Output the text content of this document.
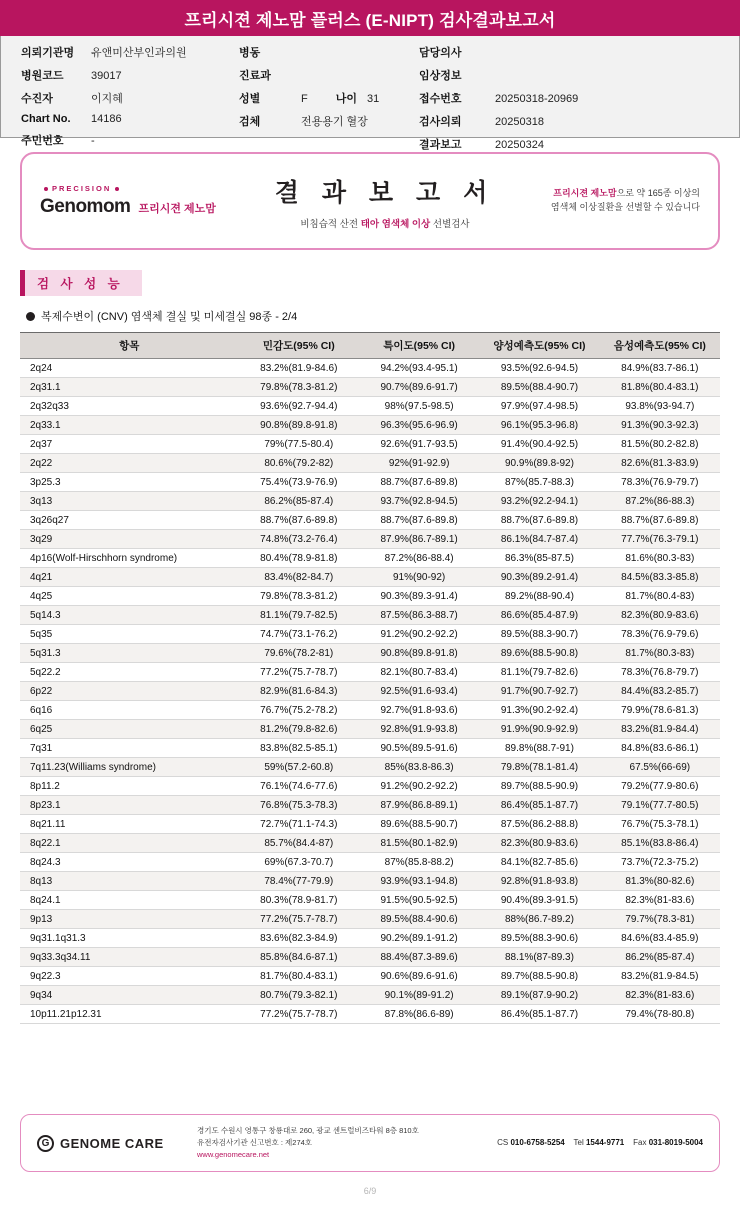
프리시젼 제노맘 플러스 (E-NIPT) 검사결과보고서
의뢰기관명	유앤미산부인과의원
병원코드	39017
수진자	이지혜
Chart No.	14186
주민번호	-
병동
진료과
성별	F	나이 31
검체	전용용기 혈장
담당의사
임상정보
접수번호	20250318-20969
검사의뢰	20250318
결과보고	20250324
PRECISION
Genomom 프리시젼 제노맘
결 과 보 고 서
비침습적 산전 태아 염색체 이상 선별검사
프리시젼 제노맘으로 약 165종 이상의
염색체 이상질환을 선별할 수 있습니다
검 사 성 능
복제수변이 (CNV) 염색체 결실 및 미세결실 98종 - 2/4
항목	민감도(95% CI)	특이도(95% CI)	양성예측도(95% CI)	음성예측도(95% CI)
2q24	83.2%(81.9-84.6)	94.2%(93.4-95.1)	93.5%(92.6-94.5)	84.9%(83.7-86.1)
2q31.1	79.8%(78.3-81.2)	90.7%(89.6-91.7)	89.5%(88.4-90.7)	81.8%(80.4-83.1)
2q32q33	93.6%(92.7-94.4)	98%(97.5-98.5)	97.9%(97.4-98.5)	93.8%(93-94.7)
2q33.1	90.8%(89.8-91.8)	96.3%(95.6-96.9)	96.1%(95.3-96.8)	91.3%(90.3-92.3)
2q37	79%(77.5-80.4)	92.6%(91.7-93.5)	91.4%(90.4-92.5)	81.5%(80.2-82.8)
2q22	80.6%(79.2-82)	92%(91-92.9)	90.9%(89.8-92)	82.6%(81.3-83.9)
3p25.3	75.4%(73.9-76.9)	88.7%(87.6-89.8)	87%(85.7-88.3)	78.3%(76.9-79.7)
3q13	86.2%(85-87.4)	93.7%(92.8-94.5)	93.2%(92.2-94.1)	87.2%(86-88.3)
3q26q27	88.7%(87.6-89.8)	88.7%(87.6-89.8)	88.7%(87.6-89.8)	88.7%(87.6-89.8)
3q29	74.8%(73.2-76.4)	87.9%(86.7-89.1)	86.1%(84.7-87.4)	77.7%(76.3-79.1)
4p16(Wolf-Hirschhorn syndrome)	80.4%(78.9-81.8)	87.2%(86-88.4)	86.3%(85-87.5)	81.6%(80.3-83)
4q21	83.4%(82-84.7)	91%(90-92)	90.3%(89.2-91.4)	84.5%(83.3-85.8)
4q25	79.8%(78.3-81.2)	90.3%(89.3-91.4)	89.2%(88-90.4)	81.7%(80.4-83)
5q14.3	81.1%(79.7-82.5)	87.5%(86.3-88.7)	86.6%(85.4-87.9)	82.3%(80.9-83.6)
5q35	74.7%(73.1-76.2)	91.2%(90.2-92.2)	89.5%(88.3-90.7)	78.3%(76.9-79.6)
5q31.3	79.6%(78.2-81)	90.8%(89.8-91.8)	89.6%(88.5-90.8)	81.7%(80.3-83)
5q22.2	77.2%(75.7-78.7)	82.1%(80.7-83.4)	81.1%(79.7-82.6)	78.3%(76.8-79.7)
6p22	82.9%(81.6-84.3)	92.5%(91.6-93.4)	91.7%(90.7-92.7)	84.4%(83.2-85.7)
6q16	76.7%(75.2-78.2)	92.7%(91.8-93.6)	91.3%(90.2-92.4)	79.9%(78.6-81.3)
6q25	81.2%(79.8-82.6)	92.8%(91.9-93.8)	91.9%(90.9-92.9)	83.2%(81.9-84.4)
7q31	83.8%(82.5-85.1)	90.5%(89.5-91.6)	89.8%(88.7-91)	84.8%(83.6-86.1)
7q11.23(Williams syndrome)	59%(57.2-60.8)	85%(83.8-86.3)	79.8%(78.1-81.4)	67.5%(66-69)
8p11.2	76.1%(74.6-77.6)	91.2%(90.2-92.2)	89.7%(88.5-90.9)	79.2%(77.9-80.6)
8p23.1	76.8%(75.3-78.3)	87.9%(86.8-89.1)	86.4%(85.1-87.7)	79.1%(77.7-80.5)
8q21.11	72.7%(71.1-74.3)	89.6%(88.5-90.7)	87.5%(86.2-88.8)	76.7%(75.3-78.1)
8q22.1	85.7%(84.4-87)	81.5%(80.1-82.9)	82.3%(80.9-83.6)	85.1%(83.8-86.4)
8q24.3	69%(67.3-70.7)	87%(85.8-88.2)	84.1%(82.7-85.6)	73.7%(72.3-75.2)
8q13	78.4%(77-79.9)	93.9%(93.1-94.8)	92.8%(91.8-93.8)	81.3%(80-82.6)
8q24.1	80.3%(78.9-81.7)	91.5%(90.5-92.5)	90.4%(89.3-91.5)	82.3%(81-83.6)
9p13	77.2%(75.7-78.7)	89.5%(88.4-90.6)	88%(86.7-89.2)	79.7%(78.3-81)
9q31.1q31.3	83.6%(82.3-84.9)	90.2%(89.1-91.2)	89.5%(88.3-90.6)	84.6%(83.4-85.9)
9q33.3q34.11	85.8%(84.6-87.1)	88.4%(87.3-89.6)	88.1%(87-89.3)	86.2%(85-87.4)
9q22.3	81.7%(80.4-83.1)	90.6%(89.6-91.6)	89.7%(88.5-90.8)	83.2%(81.9-84.5)
9q34	80.7%(79.3-82.1)	90.1%(89-91.2)	89.1%(87.9-90.2)	82.3%(81-83.6)
10p11.21p12.31	77.2%(75.7-78.7)	87.8%(86.6-89)	86.4%(85.1-87.7)	79.4%(78-80.8)
G GENOME CARE
경기도 수원시 영통구 창룡대로 260, 광교 센트럴비즈타워 8층 810호
유전자검사기관 신고번호 : 제274호
www.genomecare.net
CS 010-6758-5254 Tel 1544-9771 Fax 031-8019-5004
6/9
